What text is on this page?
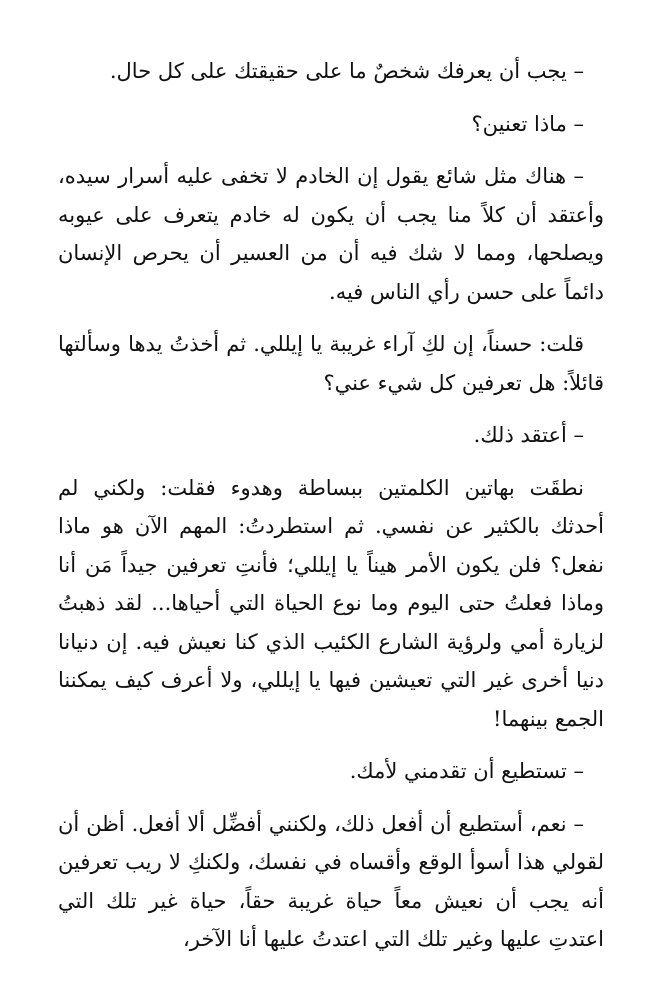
– يجب أن يعرفك شخصٌ ما على حقيقتك على كل حال.

– ماذا تعنين؟

– هناك مثل شائع يقول إن الخادم لا تخفى عليه أسرار سيده، وأعتقد أن كلاً منا يجب أن يكون له خادم يتعرف على عيوبه ويصلحها، ومما لا شك فيه أن من العسير أن يحرص الإنسان دائماً على حسن رأي الناس فيه.

قلت: حسناً، إن لكِ آراء غريبة يا إيللي. ثم أخذتُ يدها وسألتها قائلاً: هل تعرفين كل شيء عني؟

– أعتقد ذلك.

نطقَت بهاتين الكلمتين ببساطة وهدوء فقلت: ولكني لم أحدثك بالكثير عن نفسي. ثم استطردتُ: المهم الآن هو ماذا نفعل؟ فلن يكون الأمر هيناً يا إيللي؛ فأنتِ تعرفين جيداً مَن أنا وماذا فعلتُ حتى اليوم وما نوع الحياة التي أحياها... لقد ذهبتُ لزيارة أمي ولرؤية الشارع الكئيب الذي كنا نعيش فيه. إن دنيانا دنيا أخرى غير التي تعيشين فيها يا إيللي، ولا أعرف كيف يمكننا الجمع بينهما!

– تستطيع أن تقدمني لأمك.

– نعم، أستطيع أن أفعل ذلك، ولكنني أفضِّل ألا أفعل. أظن أن لقولي هذا أسوأ الوقع وأقساه في نفسك، ولكنكِ لا ريب تعرفين أنه يجب أن نعيش معاً حياة غريبة حقاً، حياة غير تلك التي اعتدتِ عليها وغير تلك التي اعتدتُ عليها أنا الآخر،
